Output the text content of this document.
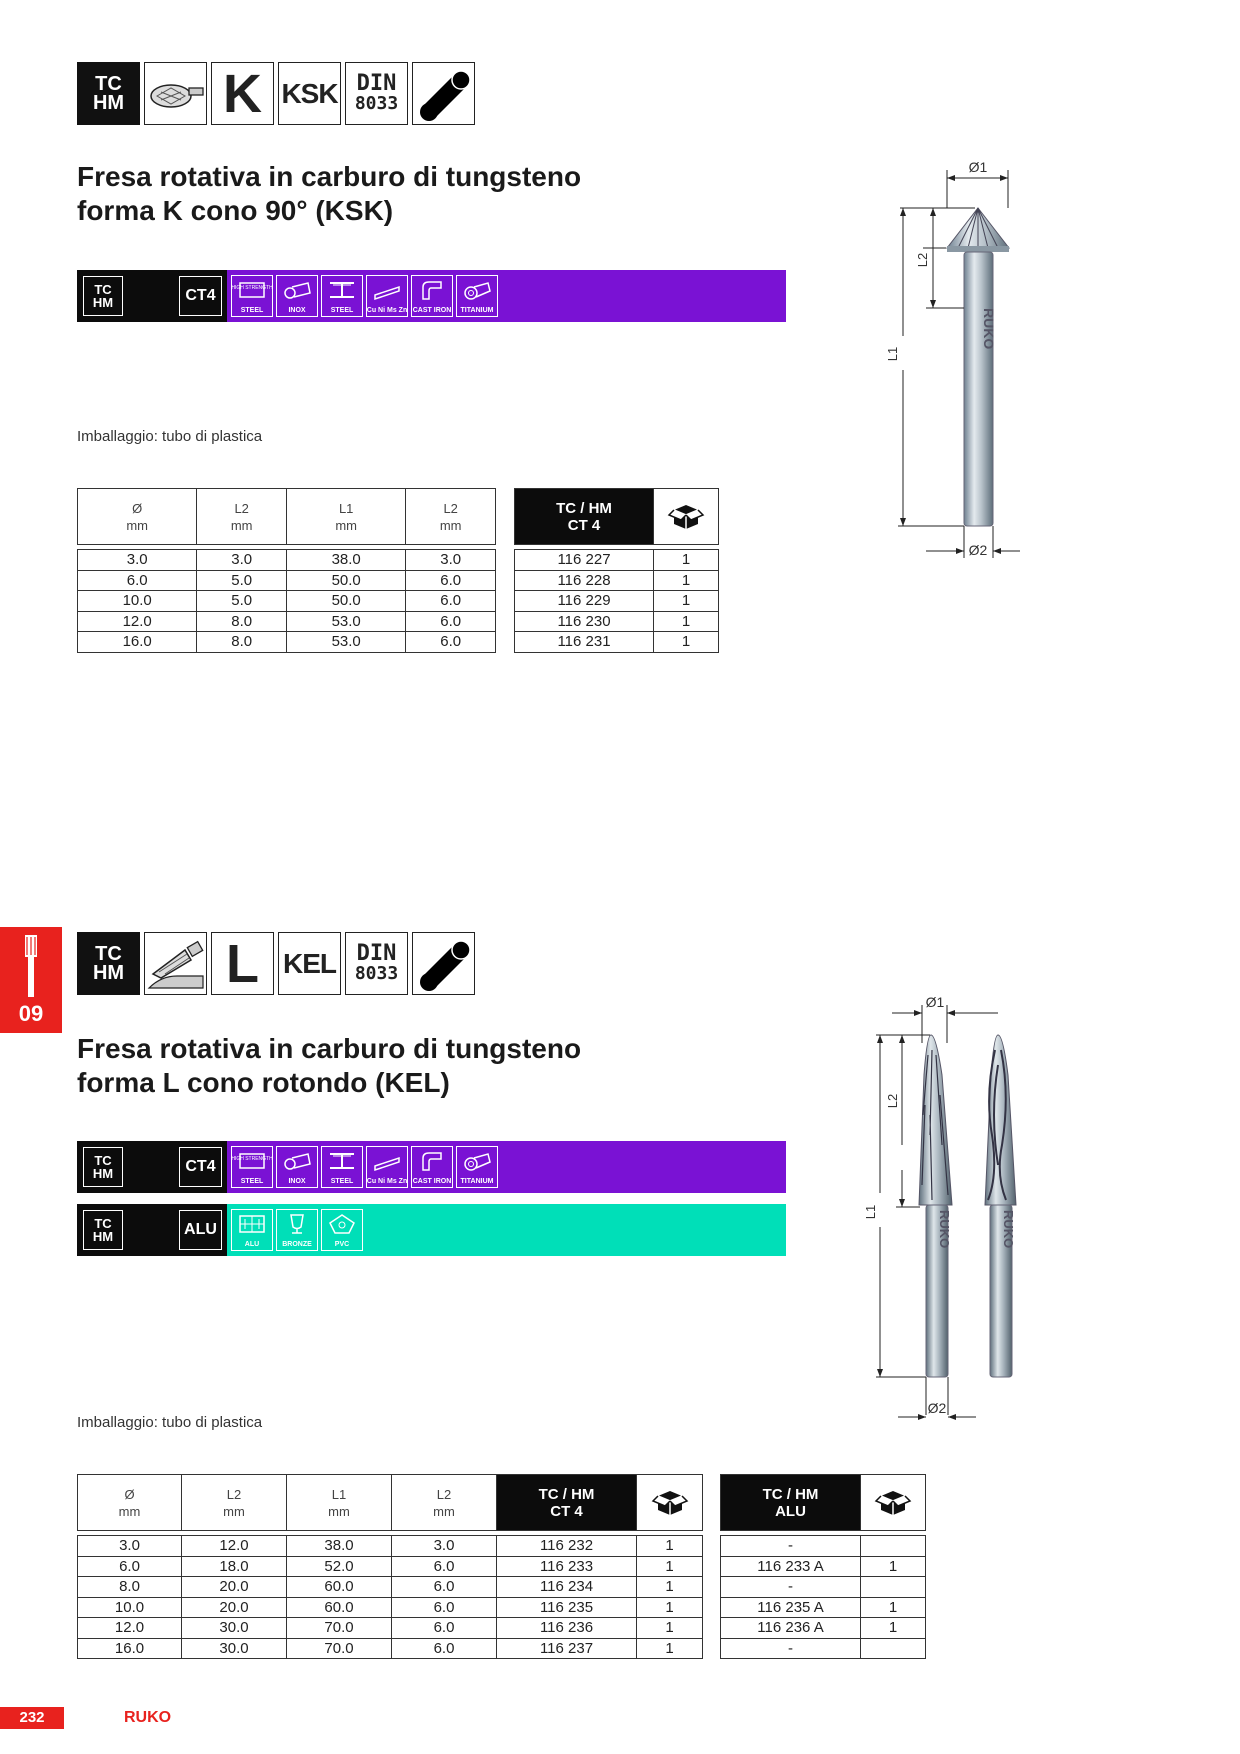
TC
HM K KSK DIN
8033
Fresa rotativa in carburo di tungsteno
forma K cono 90° (KSK)
TC
HM	CT4	HIGH STRENGTH
STEEL	INOX	STEEL Cu Ni Ms Zn CAST IRON TITANIUM
Imballaggio: tubo di plastica
Ø
mm	L2
mm	L1
mm	L2
mm

3.0	3.0	38.0	3.0
6.0	5.0	50.0	6.0
10.0	5.0	50.0	6.0
12.0	8.0	53.0	6.0
16.0	8.0	53.0	6.0
TC / HM
CT 4	

116 227	1
116 228	1
116 229	1
116 230	1
116 231	1
Ø1
RUKO
L2
L1
Ø2
09
TC
HM L KEL DIN
8033
Fresa rotativa in carburo di tungsteno
forma L cono rotondo (KEL)
TC
HM	CT4	HIGH STRENGTH
STEEL	INOX	STEEL Cu Ni Ms Zn CAST IRON TITANIUM
TC
HM	ALU
ALU	BRONZE	PVC
Imballaggio: tubo di plastica
Ø
mm	L2
mm	L1
mm	L2
mm	TC / HM
CT 4	

3.0	12.0	38.0	3.0	116 232	1
6.0	18.0	52.0	6.0	116 233	1
8.0	20.0	60.0	6.0	116 234	1
10.0	20.0	60.0	6.0	116 235	1
12.0	30.0	70.0	6.0	116 236	1
16.0	30.0	70.0	6.0	116 237	1
TC / HM
ALU	

-	
116 233 A	1
-	
116 235 A	1
116 236 A	1
-	
Ø1
RUKO	RUKO
L2
L1
Ø2
232	RUKO
